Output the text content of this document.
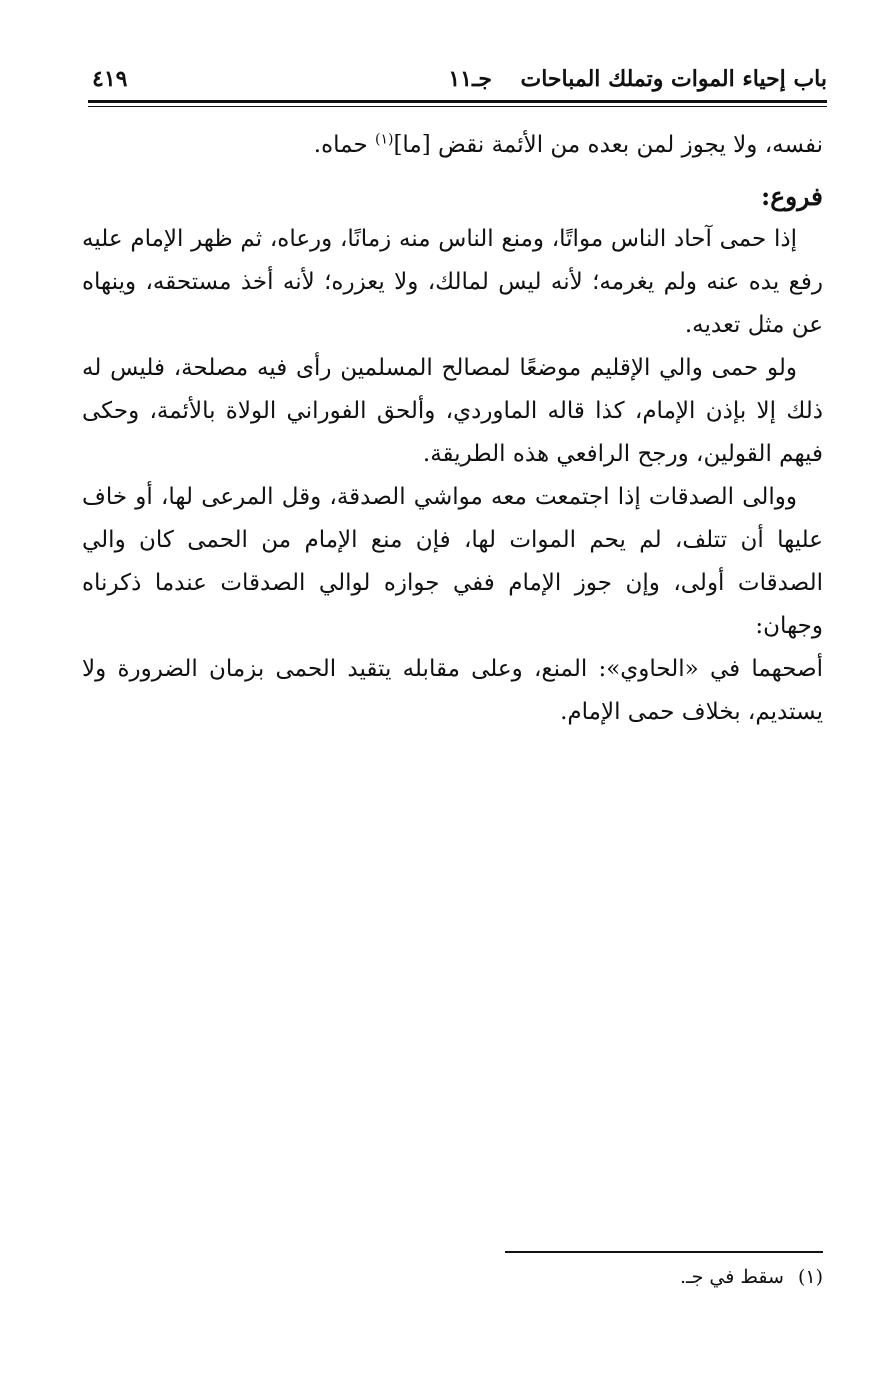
باب إحياء الموات وتملك المباحات
جـ١١
٤١٩

نفسه، ولا يجوز لمن بعده من الأئمة نقض [ما]$^{(١)}$ حماه.

فروع:

إذا حمى آحاد الناس مواتًا، ومنع الناس منه زمانًا، ورعاه، ثم ظهر الإمام عليه رفع يده عنه ولم يغرمه؛ لأنه ليس لمالك، ولا يعزره؛ لأنه أخذ مستحقه، وينهاه عن مثل تعديه.

ولو حمى والي الإقليم موضعًا لمصالح المسلمين رأى فيه مصلحة، فليس له ذلك إلا بإذن الإمام، كذا قاله الماوردي، وألحق الفوراني الولاة بالأئمة، وحكى فيهم القولين، ورجح الرافعي هذه الطريقة.

ووالى الصدقات إذا اجتمعت معه مواشي الصدقة، وقل المرعى لها، أو خاف عليها أن تتلف، لم يحم الموات لها، فإن منع الإمام من الحمى كان والي الصدقات أولى، وإن جوز الإمام ففي جوازه لوالي الصدقات عندما ذكرناه وجهان:

أصحهما في «الحاوي»: المنع، وعلى مقابله يتقيد الحمى بزمان الضرورة ولا يستديم، بخلاف حمى الإمام.

(١)سقط في جـ.
